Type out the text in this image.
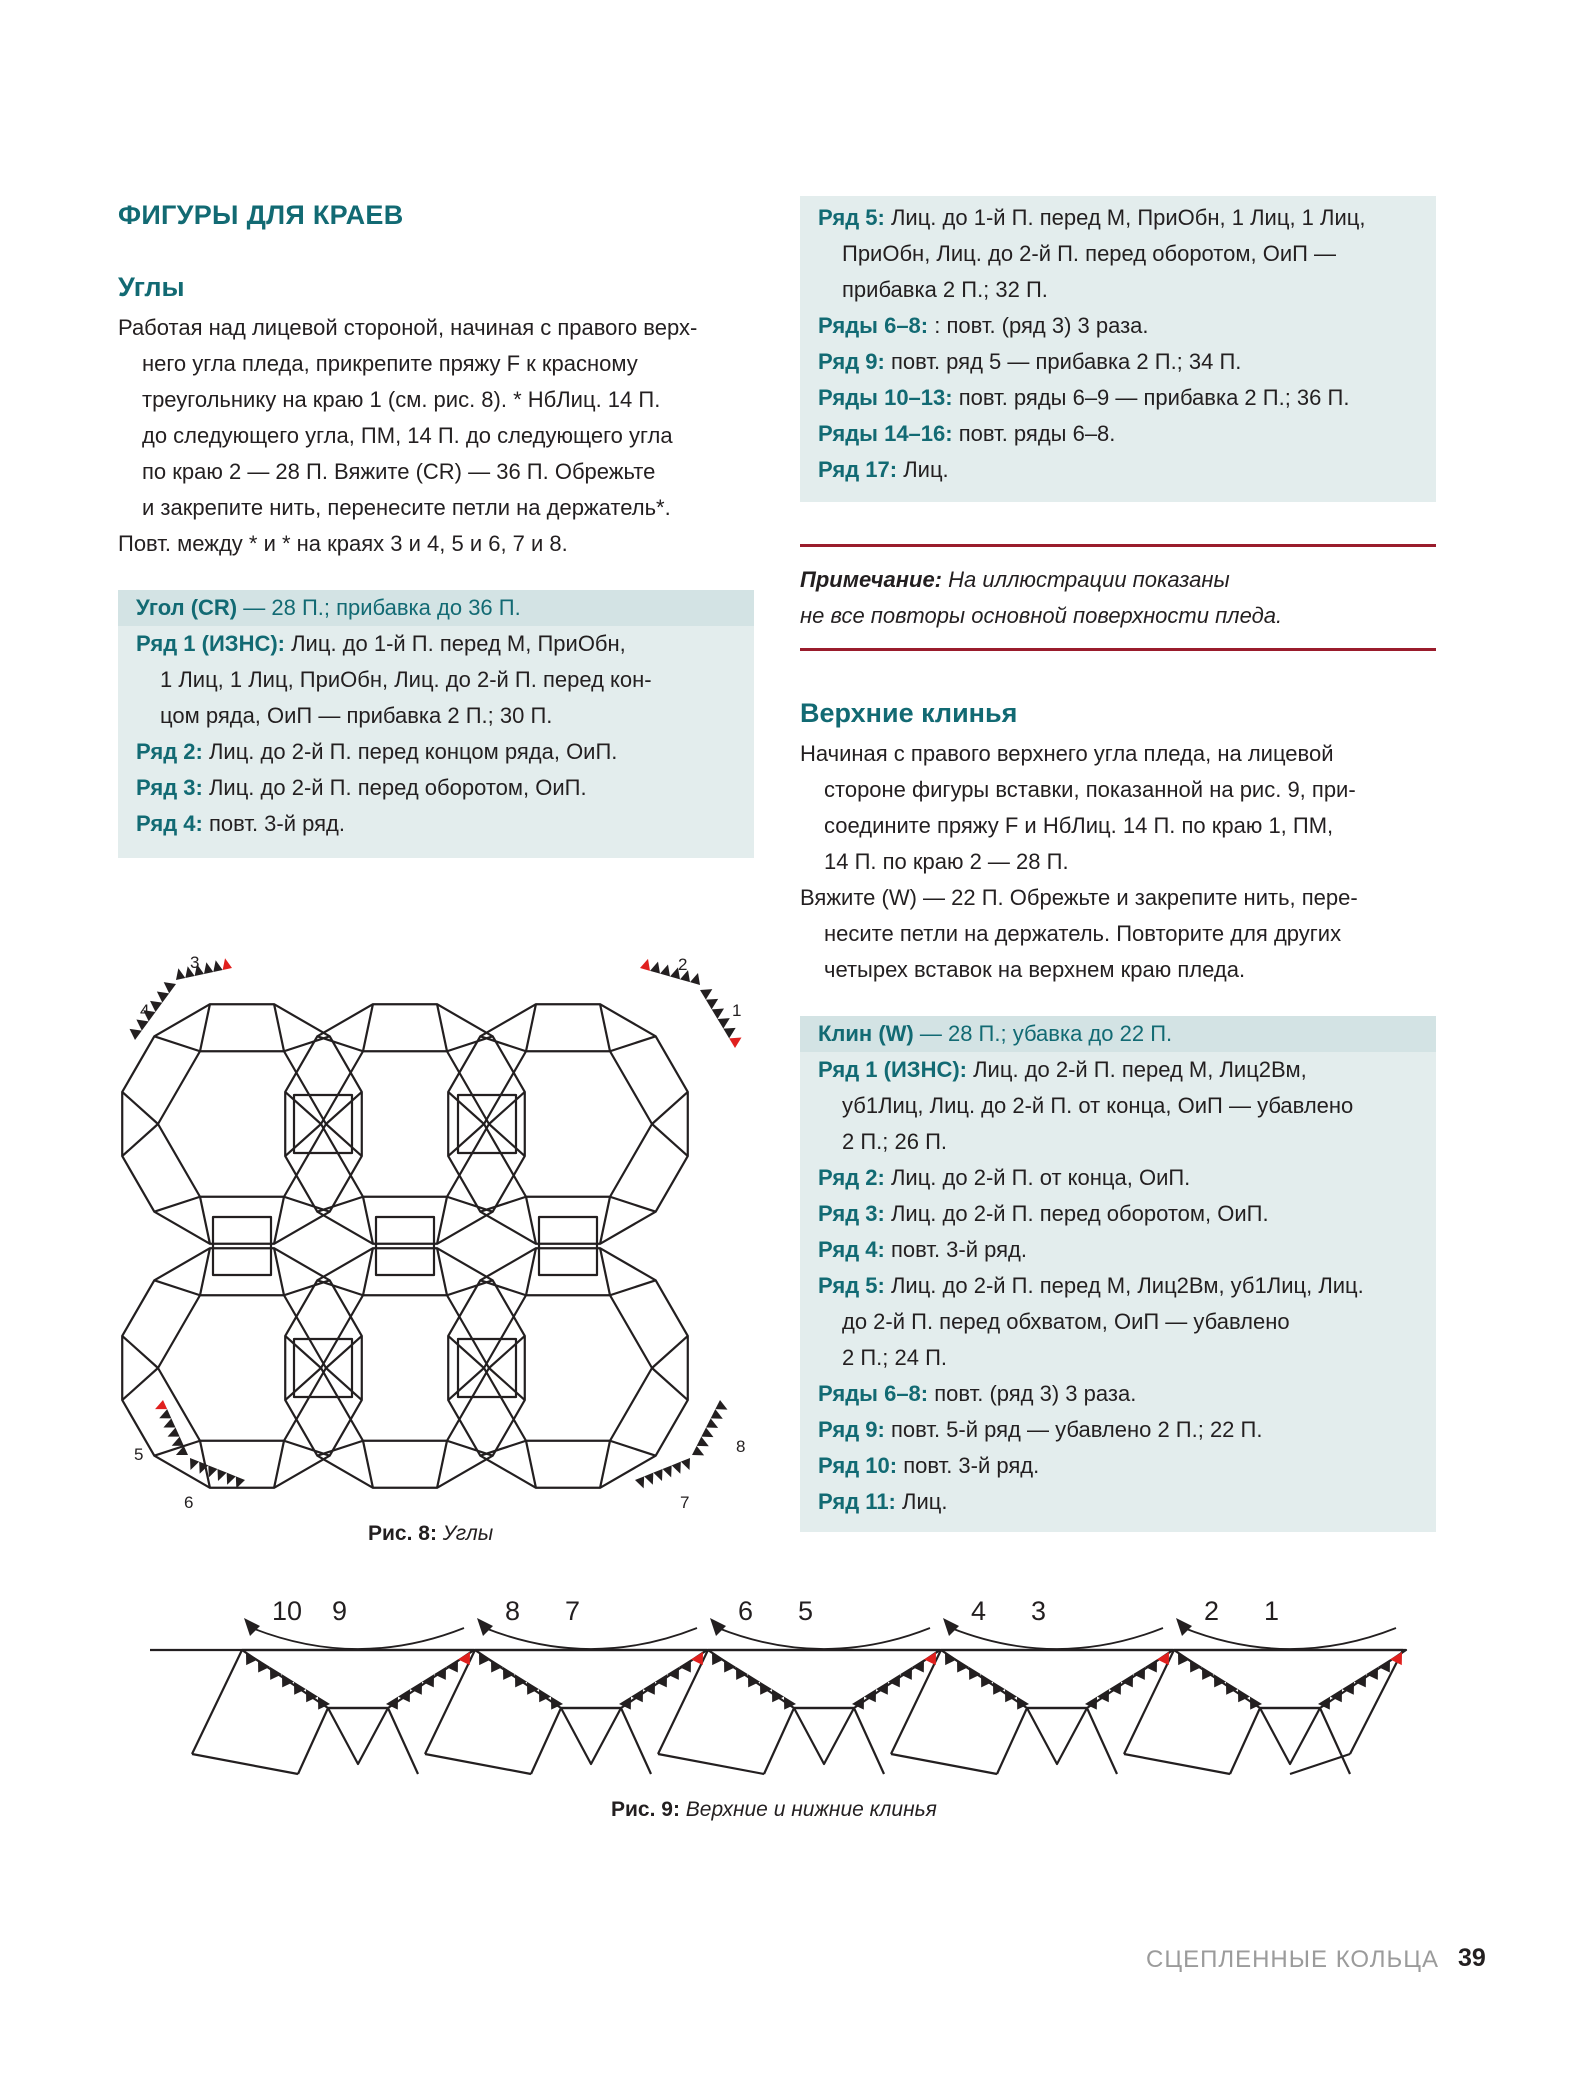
ФИГУРЫ ДЛЯ КРАЕВ
Углы
Работая над лицевой стороной, начиная с правого верх-
него угла пледа, прикрепите пряжу F к красному
треугольнику на краю 1 (см. рис. 8). * НбЛиц. 14 П.
до следующего угла, ПМ, 14 П. до следующего угла
по краю 2 — 28 П. Вяжите (CR) — 36 П. Обрежьте
и закрепите нить, перенесите петли на держатель*.
Повт. между * и * на краях 3 и 4, 5 и 6, 7 и 8.
Угол (CR) — 28 П.; прибавка до 36 П.
Ряд 1 (ИЗНС): Лиц. до 1-й П. перед М, ПриОбн,
1 Лиц, 1 Лиц, ПриОбн, Лиц. до 2-й П. перед кон-
цом ряда, ОиП — прибавка 2 П.; 30 П.
Ряд 2: Лиц. до 2-й П. перед концом ряда, ОиП.
Ряд 3: Лиц. до 2-й П. перед оборотом, ОиП.
Ряд 4: повт. 3-й ряд.
1
2
3
4
5
6	7
8
Рис. 8: Углы
Ряд 5: Лиц. до 1-й П. перед М, ПриОбн, 1 Лиц, 1 Лиц,
ПриОбн, Лиц. до 2-й П. перед оборотом, ОиП —
прибавка 2 П.; 32 П.
Ряды 6–8: : повт. (ряд 3) 3 раза.
Ряд 9: повт. ряд 5 — прибавка 2 П.; 34 П.
Ряды 10–13: повт. ряды 6–9 — прибавка 2 П.; 36 П.
Ряды 14–16: повт. ряды 6–8.
Ряд 17: Лиц.

Примечание: На иллюстрации показаны
не все повторы основной поверхности пледа.

Верхние клинья
Начиная с правого верхнего угла пледа, на лицевой
стороне фигуры вставки, показанной на рис. 9, при-
соедините пряжу F и НбЛиц. 14 П. по краю 1, ПМ,
14 П. по краю 2 — 28 П.
Вяжите (W) — 22 П. Обрежьте и закрепите нить, пере-
несите петли на держатель. Повторите для других
четырех вставок на верхнем краю пледа.
Клин (W) — 28 П.; убавка до 22 П.
Ряд 1 (ИЗНС): Лиц. до 2-й П. перед М, Лиц2Вм,
уб1Лиц, Лиц. до 2-й П. от конца, ОиП — убавлено
2 П.; 26 П.
Ряд 2: Лиц. до 2-й П. от конца, ОиП.
Ряд 3: Лиц. до 2-й П. перед оборотом, ОиП.
Ряд 4: повт. 3-й ряд.
Ряд 5: Лиц. до 2-й П. перед М, Лиц2Вм, уб1Лиц, Лиц.
до 2-й П. перед обхватом, ОиП — убавлено
2 П.; 24 П.
Ряды 6–8: повт. (ряд 3) 3 раза.
Ряд 9: повт. 5-й ряд — убавлено 2 П.; 22 П.
Ряд 10: повт. 3-й ряд.
Ряд 11: Лиц.
10 9	8 7	6 5	4 3	2 1
Рис. 9: Верхние и нижние клинья
СЦЕПЛЕННЫЕ КОЛЬЦА 39
